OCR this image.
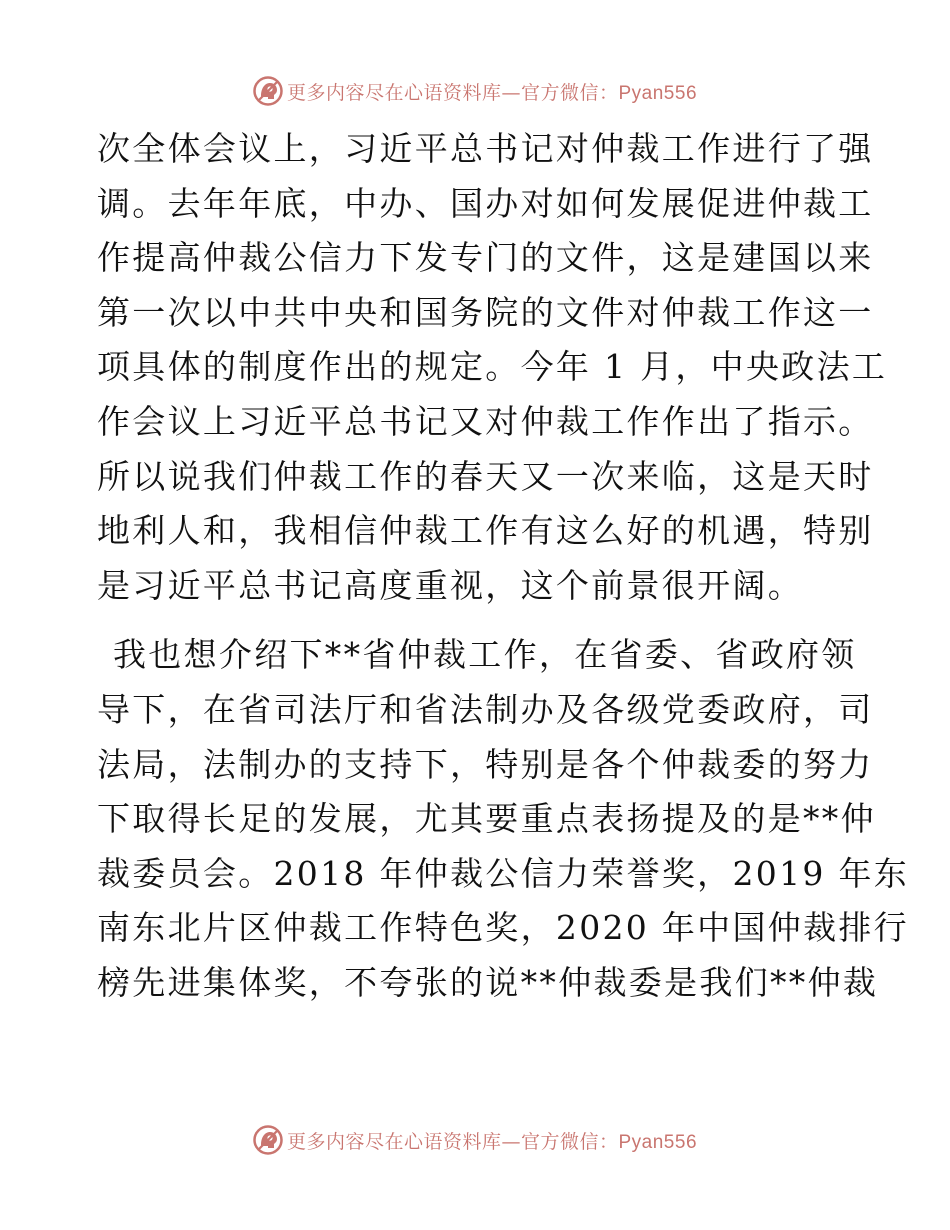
更多内容尽在心语资料库—官方微信：Pyan556
次全体会议上，习近平总书记对仲裁工作进行了强
调。去年年底，中办、国办对如何发展促进仲裁工
作提高仲裁公信力下发专门的文件，这是建国以来
第一次以中共中央和国务院的文件对仲裁工作这一
项具体的制度作出的规定。今年 1 月，中央政法工
作会议上习近平总书记又对仲裁工作作出了指示。
所以说我们仲裁工作的春天又一次来临，这是天时
地利人和，我相信仲裁工作有这么好的机遇，特别
是习近平总书记高度重视，这个前景很开阔。
我也想介绍下**省仲裁工作，在省委、省政府领
导下，在省司法厅和省法制办及各级党委政府，司
法局，法制办的支持下，特别是各个仲裁委的努力
下取得长足的发展，尤其要重点表扬提及的是**仲
裁委员会。2018 年仲裁公信力荣誉奖，2019 年东
南东北片区仲裁工作特色奖，2020 年中国仲裁排行
榜先进集体奖，不夸张的说**仲裁委是我们**仲裁
更多内容尽在心语资料库—官方微信：Pyan556
